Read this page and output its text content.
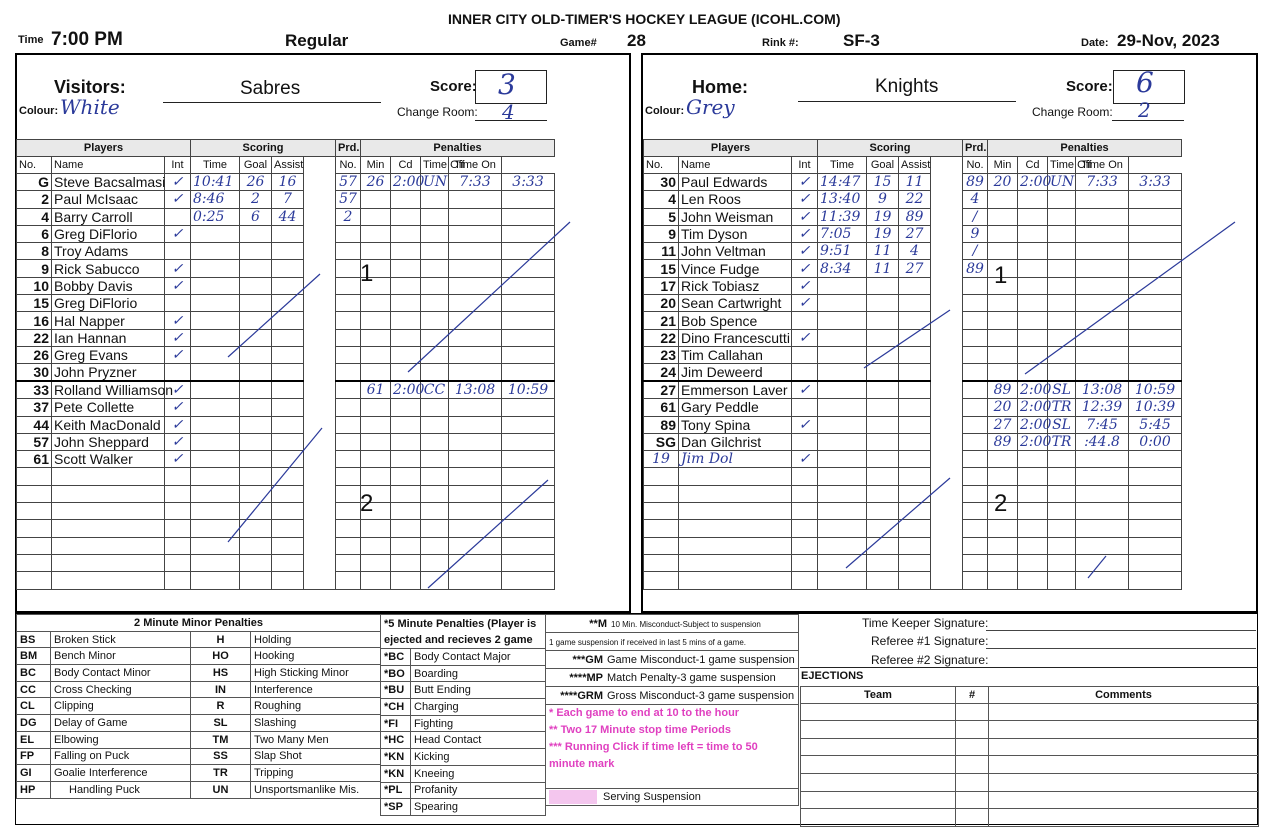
INNER CITY OLD-TIMER'S HOCKEY LEAGUE (ICOHL.COM)
Time 7:00 PM	Regular	Game# 28	Rink #:	SF-3	Date: 29-Nov, 2023
Visitors:
Colour: White
Sabres	Score: 3
Change Room: 4
Home:
Colour: Grey
Knights	Score: 6
Change Room: 2
Players			Scoring				Prd.	Penalties				
No.	Name	Int	Time	Goal	Assist		No.	Min	Cd	Time Off	Time On	
G	Steve Bacsalmasi	✓	10:41	26	16		57	26	2:00	UN	7:33	3:33
2	Paul McIsaac	✓	8:46	2	7		57					
4	Barry Carroll		0:25	6	44		2					
6	Greg DiFlorio	✓										
8	Troy Adams											
9	Rick Sabucco	✓										
10	Bobby Davis	✓										
15	Greg DiFlorio											
16	Hal Napper	✓										
22	Ian Hannan	✓										
26	Greg Evans	✓										
30	John Pryzner											
33	Rolland Williamson	✓						61	2:00	CC	13:08	10:59
37	Pete Collette	✓										
44	Keith MacDonald	✓										
57	John Sheppard	✓										
61	Scott Walker	✓										

Players			Scoring				Prd.	Penalties				
No.	Name	Int	Time	Goal	Assist		No.	Min	Cd	Time Off	Time On	
30	Paul Edwards	✓	14:47	15	11		89	20	2:00	UN	7:33	3:33
4	Len Roos	✓	13:40	9	22		4					
5	John Weisman	✓	11:39	19	89		/					
9	Tim Dyson	✓	7:05	19	27		9					
11	John Veltman	✓	9:51	11	4		/					
15	Vince Fudge	✓	8:34	11	27		89					
17	Rick Tobiasz	✓										
20	Sean Cartwright	✓										
21	Bob Spence											
22	Dino Francescutti	✓										
23	Tim Callahan											
24	Jim Deweerd											
27	Emmerson Laver	✓						89	2:00	SL	13:08	10:59
61	Gary Peddle							20	2:00	TR	12:39	10:39
89	Tony Spina	✓						27	2:00	SL	7:45	5:45
SG	Dan Gilchrist							89	2:00	TR	:44.8	0:00
19	Jim Dol	✓										

1
2
1
2
2 Minute Minor Penalties			
BS	Broken Stick	H	Holding
BM	Bench Minor	HO	Hooking
BC	Body Contact Minor	HS	High Sticking Minor
CC	Cross Checking	IN	Interference
CL	Clipping	R	Roughing
DG	Delay of Game	SL	Slashing
EL	Elbowing	TM	Two Many Men
FP	Falling on Puck	SS	Slap Shot
GI	Goalie Interference	TR	Tripping
HP	Handling Puck	UN	Unsportsmanlike Mis.
*5 Minute Penalties (Player is ejected and recieves 2 game	
*BC	Body Contact Major
*BO	Boarding
*BU	Butt Ending
*CH	Charging
*FI	Fighting
*HC	Head Contact
*KN	Kicking
*KN	Kneeing
*PL	Profanity
*SP	Spearing
**M 10 Min. Misconduct-Subject to suspension
1 game suspension if received in last 5 mins of a game.
***GM Game Misconduct-1 game suspension
****MP Match Penalty-3 game suspension
****GRM Gross Misconduct-3 game suspension

* Each game to end at 10 to the hour
** Two 17 Minute stop time Periods
*** Running Click if time left = time to 50 minute mark

Serving Suspension
Time Keeper Signature:
Referee #1 Signature:
Referee #2 Signature:
EJECTIONS
Team	#	Comments
